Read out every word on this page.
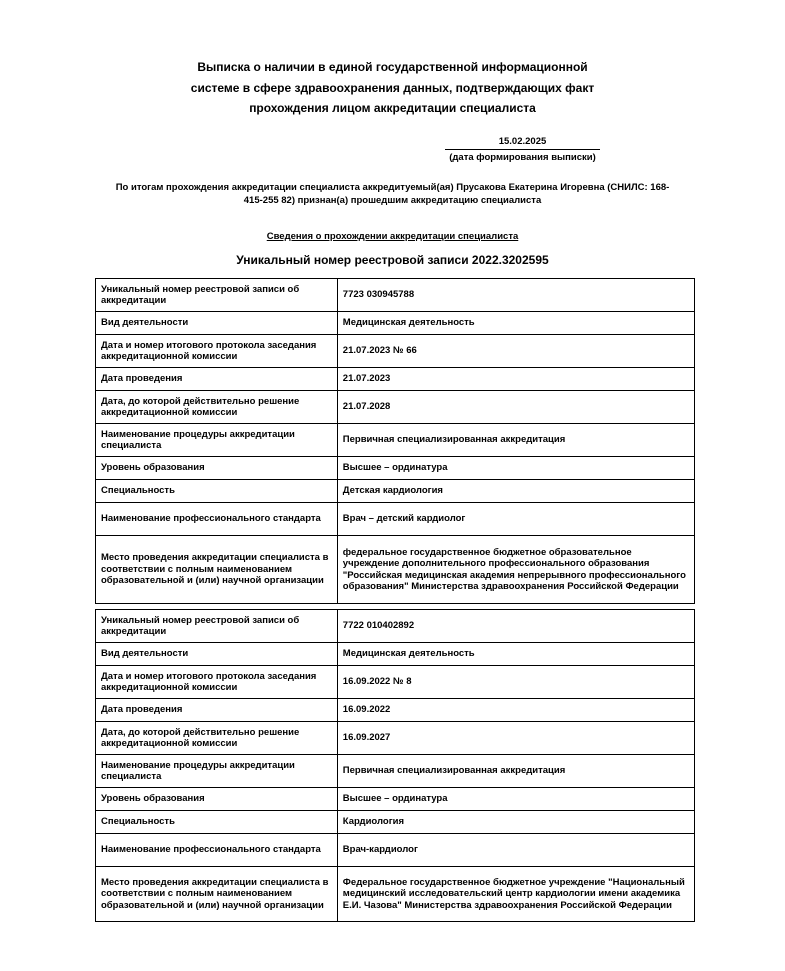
Выписка о наличии в единой государственной информационной
системе в сфере здравоохранения данных, подтверждающих факт
прохождения лицом аккредитации специалиста
15.02.2025
(дата формирования выписки)
По итогам прохождения аккредитации специалиста аккредитуемый(ая) Прусакова Екатерина Игоревна (СНИЛС: 168-
415-255 82) признан(а) прошедшим аккредитацию специалиста
Сведения о прохождении аккредитации специалиста
Уникальный номер реестровой записи 2022.3202595
Уникальный номер реестровой записи об аккредитации	7723 030945788
Вид деятельности	Медицинская деятельность
Дата и номер итогового протокола заседания аккредитационной комиссии	21.07.2023 № 66
Дата проведения	21.07.2023
Дата, до которой действительно решение аккредитационной комиссии	21.07.2028
Наименование процедуры аккредитации специалиста	Первичная специализированная аккредитация
Уровень образования	Высшее – ординатура
Специальность	Детская кардиология
Наименование профессионального стандарта	Врач – детский кардиолог
Место проведения аккредитации специалиста в соответствии с полным наименованием образовательной и (или) научной организации	федеральное государственное бюджетное образовательное учреждение дополнительного профессионального образования "Российская медицинская академия непрерывного профессионального образования" Министерства здравоохранения Российской Федерации
Уникальный номер реестровой записи об аккредитации	7722 010402892
Вид деятельности	Медицинская деятельность
Дата и номер итогового протокола заседания аккредитационной комиссии	16.09.2022 № 8
Дата проведения	16.09.2022
Дата, до которой действительно решение аккредитационной комиссии	16.09.2027
Наименование процедуры аккредитации специалиста	Первичная специализированная аккредитация
Уровень образования	Высшее – ординатура
Специальность	Кардиология
Наименование профессионального стандарта	Врач-кардиолог
Место проведения аккредитации специалиста в соответствии с полным наименованием образовательной и (или) научной организации	Федеральное государственное бюджетное учреждение "Национальный медицинский исследовательский центр кардиологии имени академика Е.И. Чазова" Министерства здравоохранения Российской Федерации
